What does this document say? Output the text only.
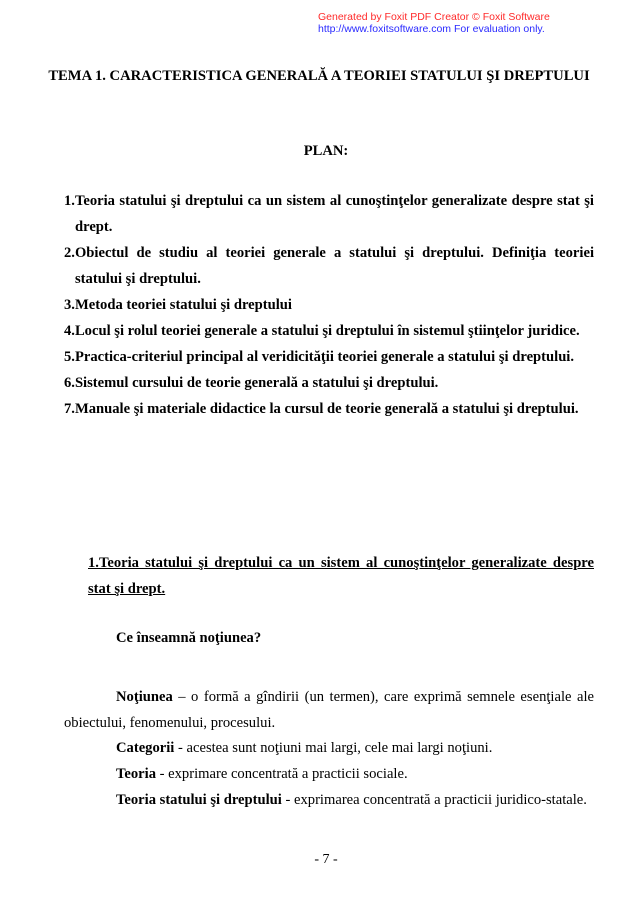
Generated by Foxit PDF Creator © Foxit Software
http://www.foxitsoftware.com For evaluation only.
TEMA 1. CARACTERISTICA GENERALĂ A TEORIEI STATULUI ŞI DREPTULUI
PLAN:
1.Teoria statului şi dreptului ca un sistem al cunoştinţelor generalizate despre stat şi drept.
2.Obiectul de studiu al teoriei generale a statului şi dreptului. Definiţia teoriei statului şi dreptului.
3.Metoda teoriei statului şi dreptului
4.Locul şi rolul teoriei generale a statului şi dreptului în sistemul ştiinţelor juridice.
5.Practica-criteriul principal al veridicităţii teoriei generale a statului şi dreptului.
6.Sistemul cursului de teorie generală a statului şi dreptului.
7.Manuale şi materiale didactice la cursul de teorie generală a statului şi dreptului.
1.Teoria statului şi dreptului ca un sistem al cunoştinţelor generalizate despre stat şi drept.
Ce înseamnă noţiunea?
Noţiunea – o formă a gîndirii (un termen), care exprimă semnele esenţiale ale obiectului, fenomenului, procesului.
Categorii - acestea sunt noţiuni mai largi, cele mai largi noţiuni.
Teoria - exprimare concentrată a practicii sociale.
Teoria statului şi dreptului - exprimarea concentrată a practicii juridico-statale.
- 7 -
